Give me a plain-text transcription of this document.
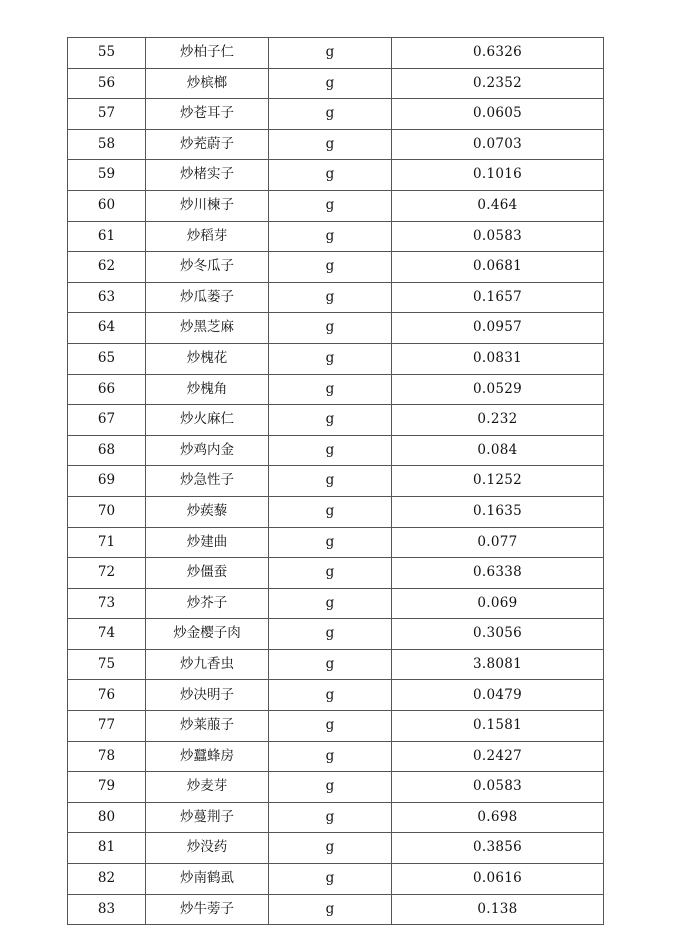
55	炒柏子仁	g	0.6326
56	炒槟榔	g	0.2352
57	炒苍耳子	g	0.0605
58	炒茺蔚子	g	0.0703
59	炒楮实子	g	0.1016
60	炒川楝子	g	0.464
61	炒稻芽	g	0.0583
62	炒冬瓜子	g	0.0681
63	炒瓜蒌子	g	0.1657
64	炒黑芝麻	g	0.0957
65	炒槐花	g	0.0831
66	炒槐角	g	0.0529
67	炒火麻仁	g	0.232
68	炒鸡内金	g	0.084
69	炒急性子	g	0.1252
70	炒蒺藜	g	0.1635
71	炒建曲	g	0.077
72	炒僵蚕	g	0.6338
73	炒芥子	g	0.069
74	炒金樱子肉	g	0.3056
75	炒九香虫	g	3.8081
76	炒决明子	g	0.0479
77	炒莱菔子	g	0.1581
78	炒蠶蜂房	g	0.2427
79	炒麦芽	g	0.0583
80	炒蔓荆子	g	0.698
81	炒没药	g	0.3856
82	炒南鹤虱	g	0.0616
83	炒牛蒡子	g	0.138
